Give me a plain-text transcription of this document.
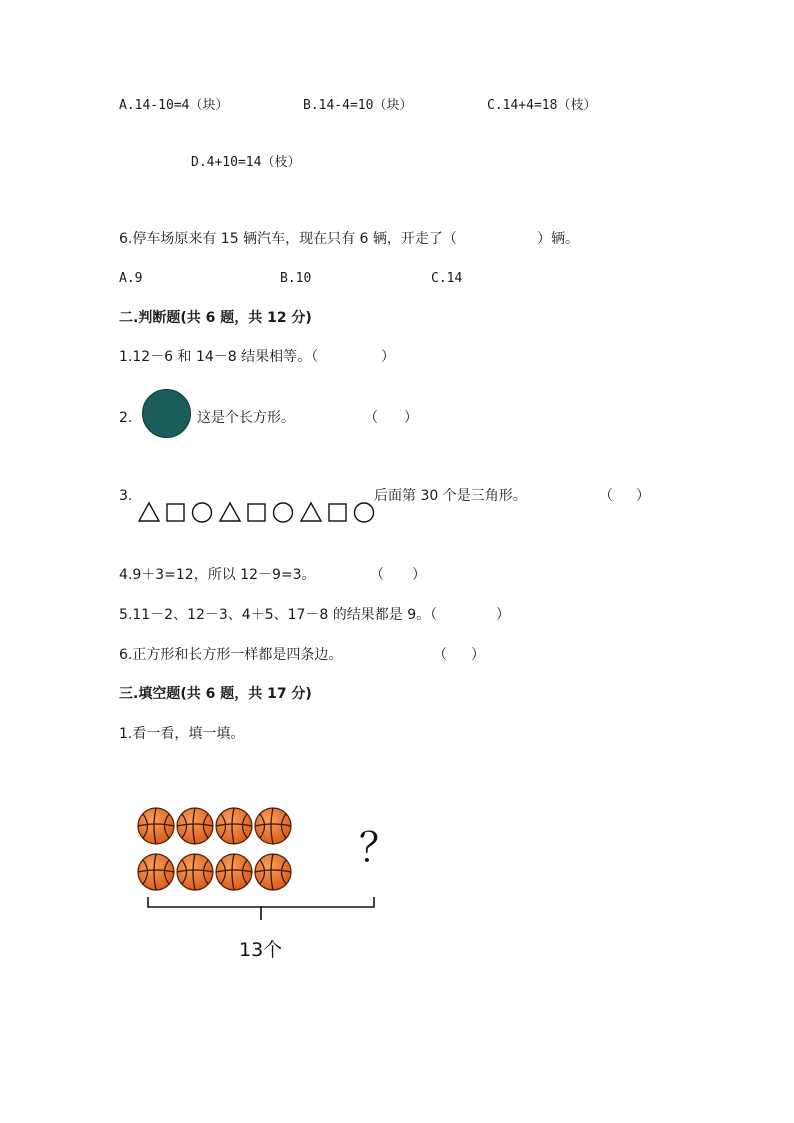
A.14-10=4（块）	B.14-4=10（块）	C.14+4=18（枝）
D.4+10=14（枝）
6.停车场原来有 15 辆汽车，现在只有 6 辆，开走了（	）辆。
A.9	B.10	C.14
二.判断题(共 6 题，共 12 分)
1.12－6 和 14－8 结果相等。（	）
2.	这是个长方形。	（ ）
3.	后面第 30 个是三角形。	（ ）
4.9＋3=12，所以 12－9=3。	（ ）
5.11－2、12－3、4＋5、17－8 的结果都是 9。（	）
6.正方形和长方形一样都是四条边。	（ ）
三.填空题(共 6 题，共 17 分)
1.看一看，填一填。
？
13个
